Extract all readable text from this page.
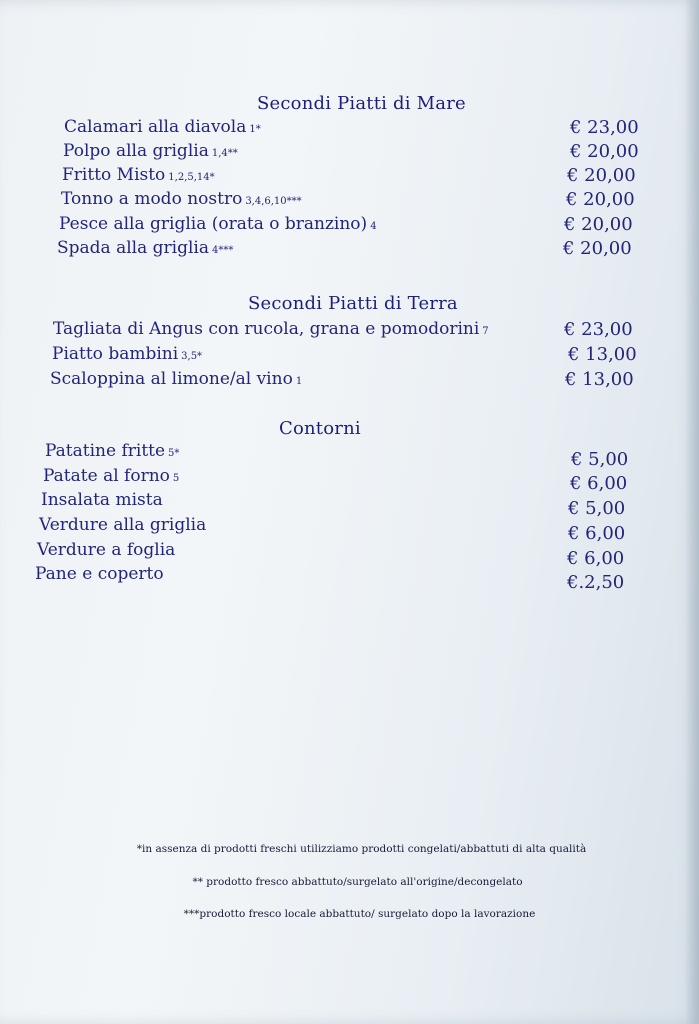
Secondi Piatti di Mare
Calamari alla diavola 1*	€ 23,00
Polpo alla griglia 1,4**	€ 20,00
Fritto Misto 1,2,5,14*	€ 20,00
Tonno a modo nostro 3,4,6,10***	€ 20,00
Pesce alla griglia (orata o branzino) 4	€ 20,00
Spada alla griglia 4***	€ 20,00
Secondi Piatti di Terra
Tagliata di Angus con rucola, grana e pomodorini 7	€ 23,00
Piatto bambini 3,5*	€ 13,00
Scaloppina al limone/al vino 1	€ 13,00
Contorni
Patatine fritte 5*	€ 5,00
Patate al forno 5	€ 6,00
Insalata mista	€ 5,00
Verdure alla griglia	€ 6,00
Verdure a foglia	€ 6,00
Pane e coperto	€.2,50
*in assenza di prodotti freschi utilizziamo prodotti congelati/abbattuti di alta qualità
** prodotto fresco abbattuto/surgelato all'origine/decongelato
***prodotto fresco locale abbattuto/ surgelato dopo la lavorazione
